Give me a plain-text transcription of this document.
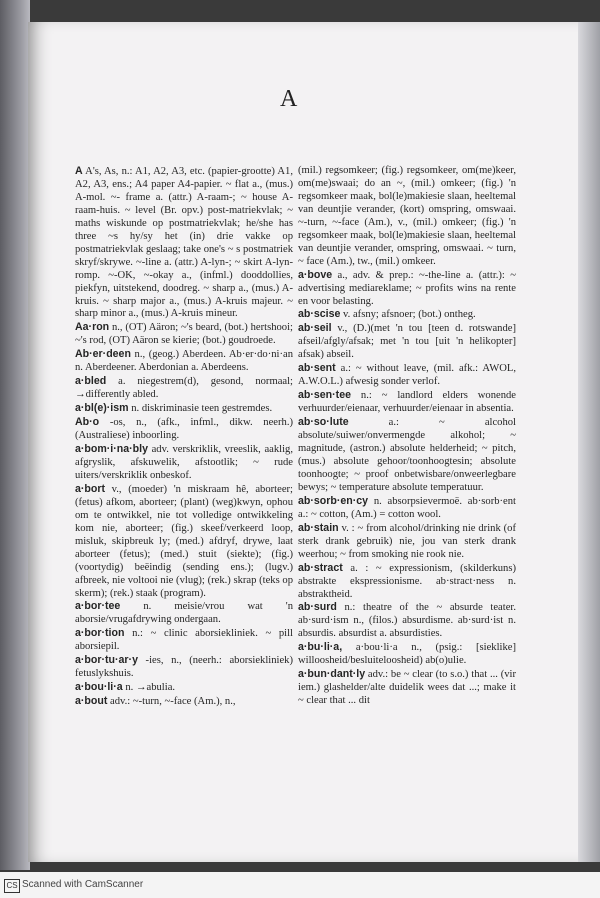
A

A A's, As, n.: A1, A2, A3, etc. (papier-grootte) A1, A2, A3, ens.; A4 paper A4-papier. ~ flat a., (mus.) A-mol. ~- frame a. (attr.) A-raam-; ~ house A-raam-huis. ~ level (Br. opv.) post-matriekvlak; ~ maths wiskunde op postmatriekvlak; he/she has three ~s hy/sy het (in) drie vakke op postmatriekvlak geslaag; take one's ~ s postmatriek skryf/skrywe. ~-line a. (attr.) A-lyn-; ~ skirt A-lyn-romp. ~-OK, ~-okay a., (infml.) dooddollies, piekfyn, uitstekend, doodreg. ~ sharp a., (mus.) A-kruis. ~ sharp major a., (mus.) A-kruis majeur. ~ sharp minor a., (mus.) A-kruis mineur.

Aa·ron n., (OT) Aäron; ~'s beard, (bot.) hertshooi; ~'s rod, (OT) Aäron se kierie; (bot.) goudroede.

Ab·er·deen n., (geog.) Aberdeen. Ab·er·do·ni·an n. Aberdeener. Aberdonian a. Aberdeens.

a·bled a. niegestrem(d), gesond, normaal; →differently abled.

a·bl(e)·ism n. diskriminasie teen gestremdes.

Ab·o -os, n., (afk., infml., dikw. neerh.) (Australiese) inboorling.

a·bom·i·na·bly adv. verskriklik, vreeslik, aaklig, afgryslik, afskuwelik, afstootlik; ~ rude uiters/verskriklik onbeskof.

a·bort v., (moeder) 'n miskraam hê, aborteer; (fetus) afkom, aborteer; (plant) (weg)kwyn, ophou om te ontwikkel, nie tot volledige ontwikkeling kom nie, aborteer; (fig.) skeef/verkeerd loop, misluk, skipbreuk ly; (med.) afdryf, drywe, laat aborteer (fetus); (med.) stuit (siekte); (fig.) (voortydig) beëindig (sending ens.); (lugv.) afbreek, nie voltooi nie (vlug); (rek.) skrap (teks op skerm); (rek.) staak (program).

a·bor·tee n. meisie/vrou wat 'n aborsie/vrugafdrywing ondergaan.

a·bor·tion n.: ~ clinic aborsiekliniek. ~ pill aborsiepil.

a·bor·tu·ar·y -ies, n., (neerh.: aborsiekliniek) fetuslykshuis.

a·bou·li·a n. →abulia.

a·bout adv.: ~-turn, ~-face (Am.), n.,

(mil.) regsomkeer; (fig.) regsomkeer, om(me)keer, om(me)swaai; do an ~, (mil.) omkeer; (fig.) 'n regsomkeer maak, bol(le)makiesie slaan, heeltemal van deuntjie verander, (kort) omspring, omswaai. ~-turn, ~-face (Am.), v., (mil.) omkeer; (fig.) 'n regsomkeer maak, bol(le)makiesie slaan, heeltemal van deuntjie verander, omspring, omswaai. ~ turn, ~ face (Am.), tw., (mil.) omkeer.

a·bove a., adv. & prep.: ~-the-line a. (attr.): ~ advertising mediareklame; ~ profits wins na rente en voor belasting.

ab·scise v. afsny; afsnoer; (bot.) ontheg.

ab·seil v., (D.)(met 'n tou [teen d. rotswande] afseil/afgly/afsak; met 'n tou [uit 'n helikopter] afsak) abseil.

ab·sent a.: ~ without leave, (mil. afk.: AWOL, A.W.O.L.) afwesig sonder verlof.

ab·sen·tee n.: ~ landlord elders wonende verhuurder/eienaar, verhuurder/eienaar in absentia.

ab·so·lute a.: ~ alcohol absolute/suiwer/onvermengde alkohol; ~ magnitude, (astron.) absolute helderheid; ~ pitch, (mus.) absolute gehoor/toonhoogtesin; absolute toonhoogte; ~ proof onbetwisbare/onweerlegbare bewys; ~ temperature absolute temperatuur.

ab·sorb·en·cy n. absorpsievermoë. ab·sorb·ent a.: ~ cotton, (Am.) = cotton wool.

ab·stain v. : ~ from alcohol/drinking nie drink (of sterk drank gebruik) nie, jou van sterk drank weerhou; ~ from smoking nie rook nie.

ab·stract a. : ~ expressionism, (skilderkuns) abstrakte ekspressionisme. ab·stract·ness n. abstraktheid.

ab·surd n.: theatre of the ~ absurde teater. ab·surd·ism n., (filos.) absurdisme. ab·surd·ist n. absurdis. absurdist a. absurdisties.

a·bu·li·a, a·bou·li·a n., (psig.: [sieklike] willoosheid/besluiteloosheid) ab(o)ulie.

a·bun·dant·ly adv.: be ~ clear (to s.o.) that ... (vir iem.) glashelder/alte duidelik wees dat ...; make it ~ clear that ... dit

CS Scanned with CamScanner
